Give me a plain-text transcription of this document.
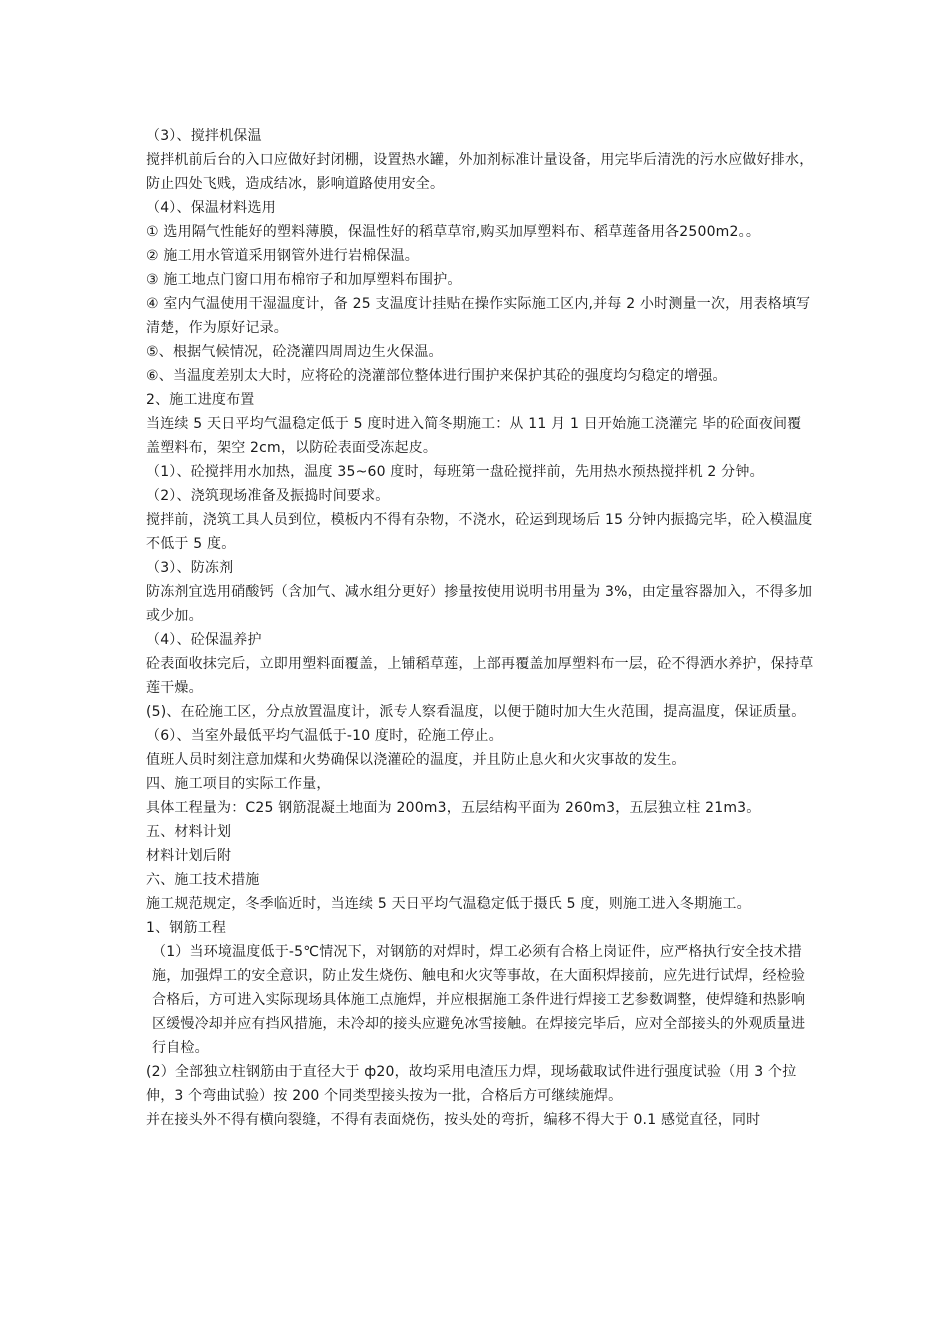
（3）、搅拌机保温

搅拌机前后台的入口应做好封闭棚，设置热水罐，外加剂标准计量设备，用完毕后清洗的污水应做好排水，防止四处飞贱，造成结冰，影响道路使用安全。

（4）、保温材料选用

① 选用隔气性能好的塑料薄膜，保温性好的稻草草帘,购买加厚塑料布、稻草莲备用各2500m2。。

② 施工用水管道采用钢管外进行岩棉保温。

③ 施工地点门窗口用布棉帘子和加厚塑料布围护。

④ 室内气温使用干湿温度计，备 25 支温度计挂贴在操作实际施工区内,并每 2 小时测量一次，用表格填写清楚，作为原好记录。

⑤、根据气候情况，砼浇灌四周周边生火保温。

⑥、当温度差别太大时，应将砼的浇灌部位整体进行围护来保护其砼的强度均匀稳定的增强。

2、施工进度布置

当连续 5 天日平均气温稳定低于 5 度时进入简冬期施工：从 11 月 1 日开始施工浇灌完 毕的砼面夜间覆盖塑料布，架空 2cm，以防砼表面受冻起皮。

（1）、砼搅拌用水加热，温度 35~60 度时，每班第一盘砼搅拌前，先用热水预热搅拌机 2 分钟。

（2）、浇筑现场准备及振捣时间要求。

搅拌前，浇筑工具人员到位，模板内不得有杂物，不浇水，砼运到现场后 15 分钟内振捣完毕，砼入模温度不低于 5 度。

（3）、防冻剂

防冻剂宜选用硝酸钙（含加气、减水组分更好）掺量按使用说明书用量为 3%，由定量容器加入，不得多加或少加。

（4）、砼保温养护

砼表面收抹完后，立即用塑料面覆盖，上铺稻草莲，上部再覆盖加厚塑料布一层，砼不得洒水养护，保持草莲干燥。

(5)、在砼施工区，分点放置温度计，派专人察看温度，以便于随时加大生火范围，提高温度，保证质量。

（6）、当室外最低平均气温低于-10 度时，砼施工停止。

值班人员时刻注意加煤和火势确保以浇灌砼的温度，并且防止息火和火灾事故的发生。

四、施工项目的实际工作量，

具体工程量为：C25 钢筋混凝土地面为 200m3，五层结构平面为 260m3，五层独立柱 21m3。

五、材料计划

材料计划后附

六、施工技术措施

施工规范规定，冬季临近时，当连续 5 天日平均气温稳定低于摄氏 5 度，则施工进入冬期施工。

1、钢筋工程

（1）当环境温度低于-5℃情况下，对钢筋的对焊时，焊工必须有合格上岗证件，应严格执行安全技术措施，加强焊工的安全意识，防止发生烧伤、触电和火灾等事故，在大面积焊接前，应先进行试焊，经检验合格后，方可进入实际现场具体施工点施焊，并应根据施工条件进行焊接工艺参数调整，使焊缝和热影响区缓慢冷却并应有挡风措施，未冷却的接头应避免冰雪接触。在焊接完毕后，应对全部接头的外观质量进行自检。

(2）全部独立柱钢筋由于直径大于 ф20，故均采用电渣压力焊，现场截取试件进行强度试验（用 3 个拉伸，3 个弯曲试验）按 200 个同类型接头按为一批，合格后方可继续施焊。

并在接头外不得有横向裂缝，不得有表面烧伤，按头处的弯折，编移不得大于 0.1 感觉直径，同时
